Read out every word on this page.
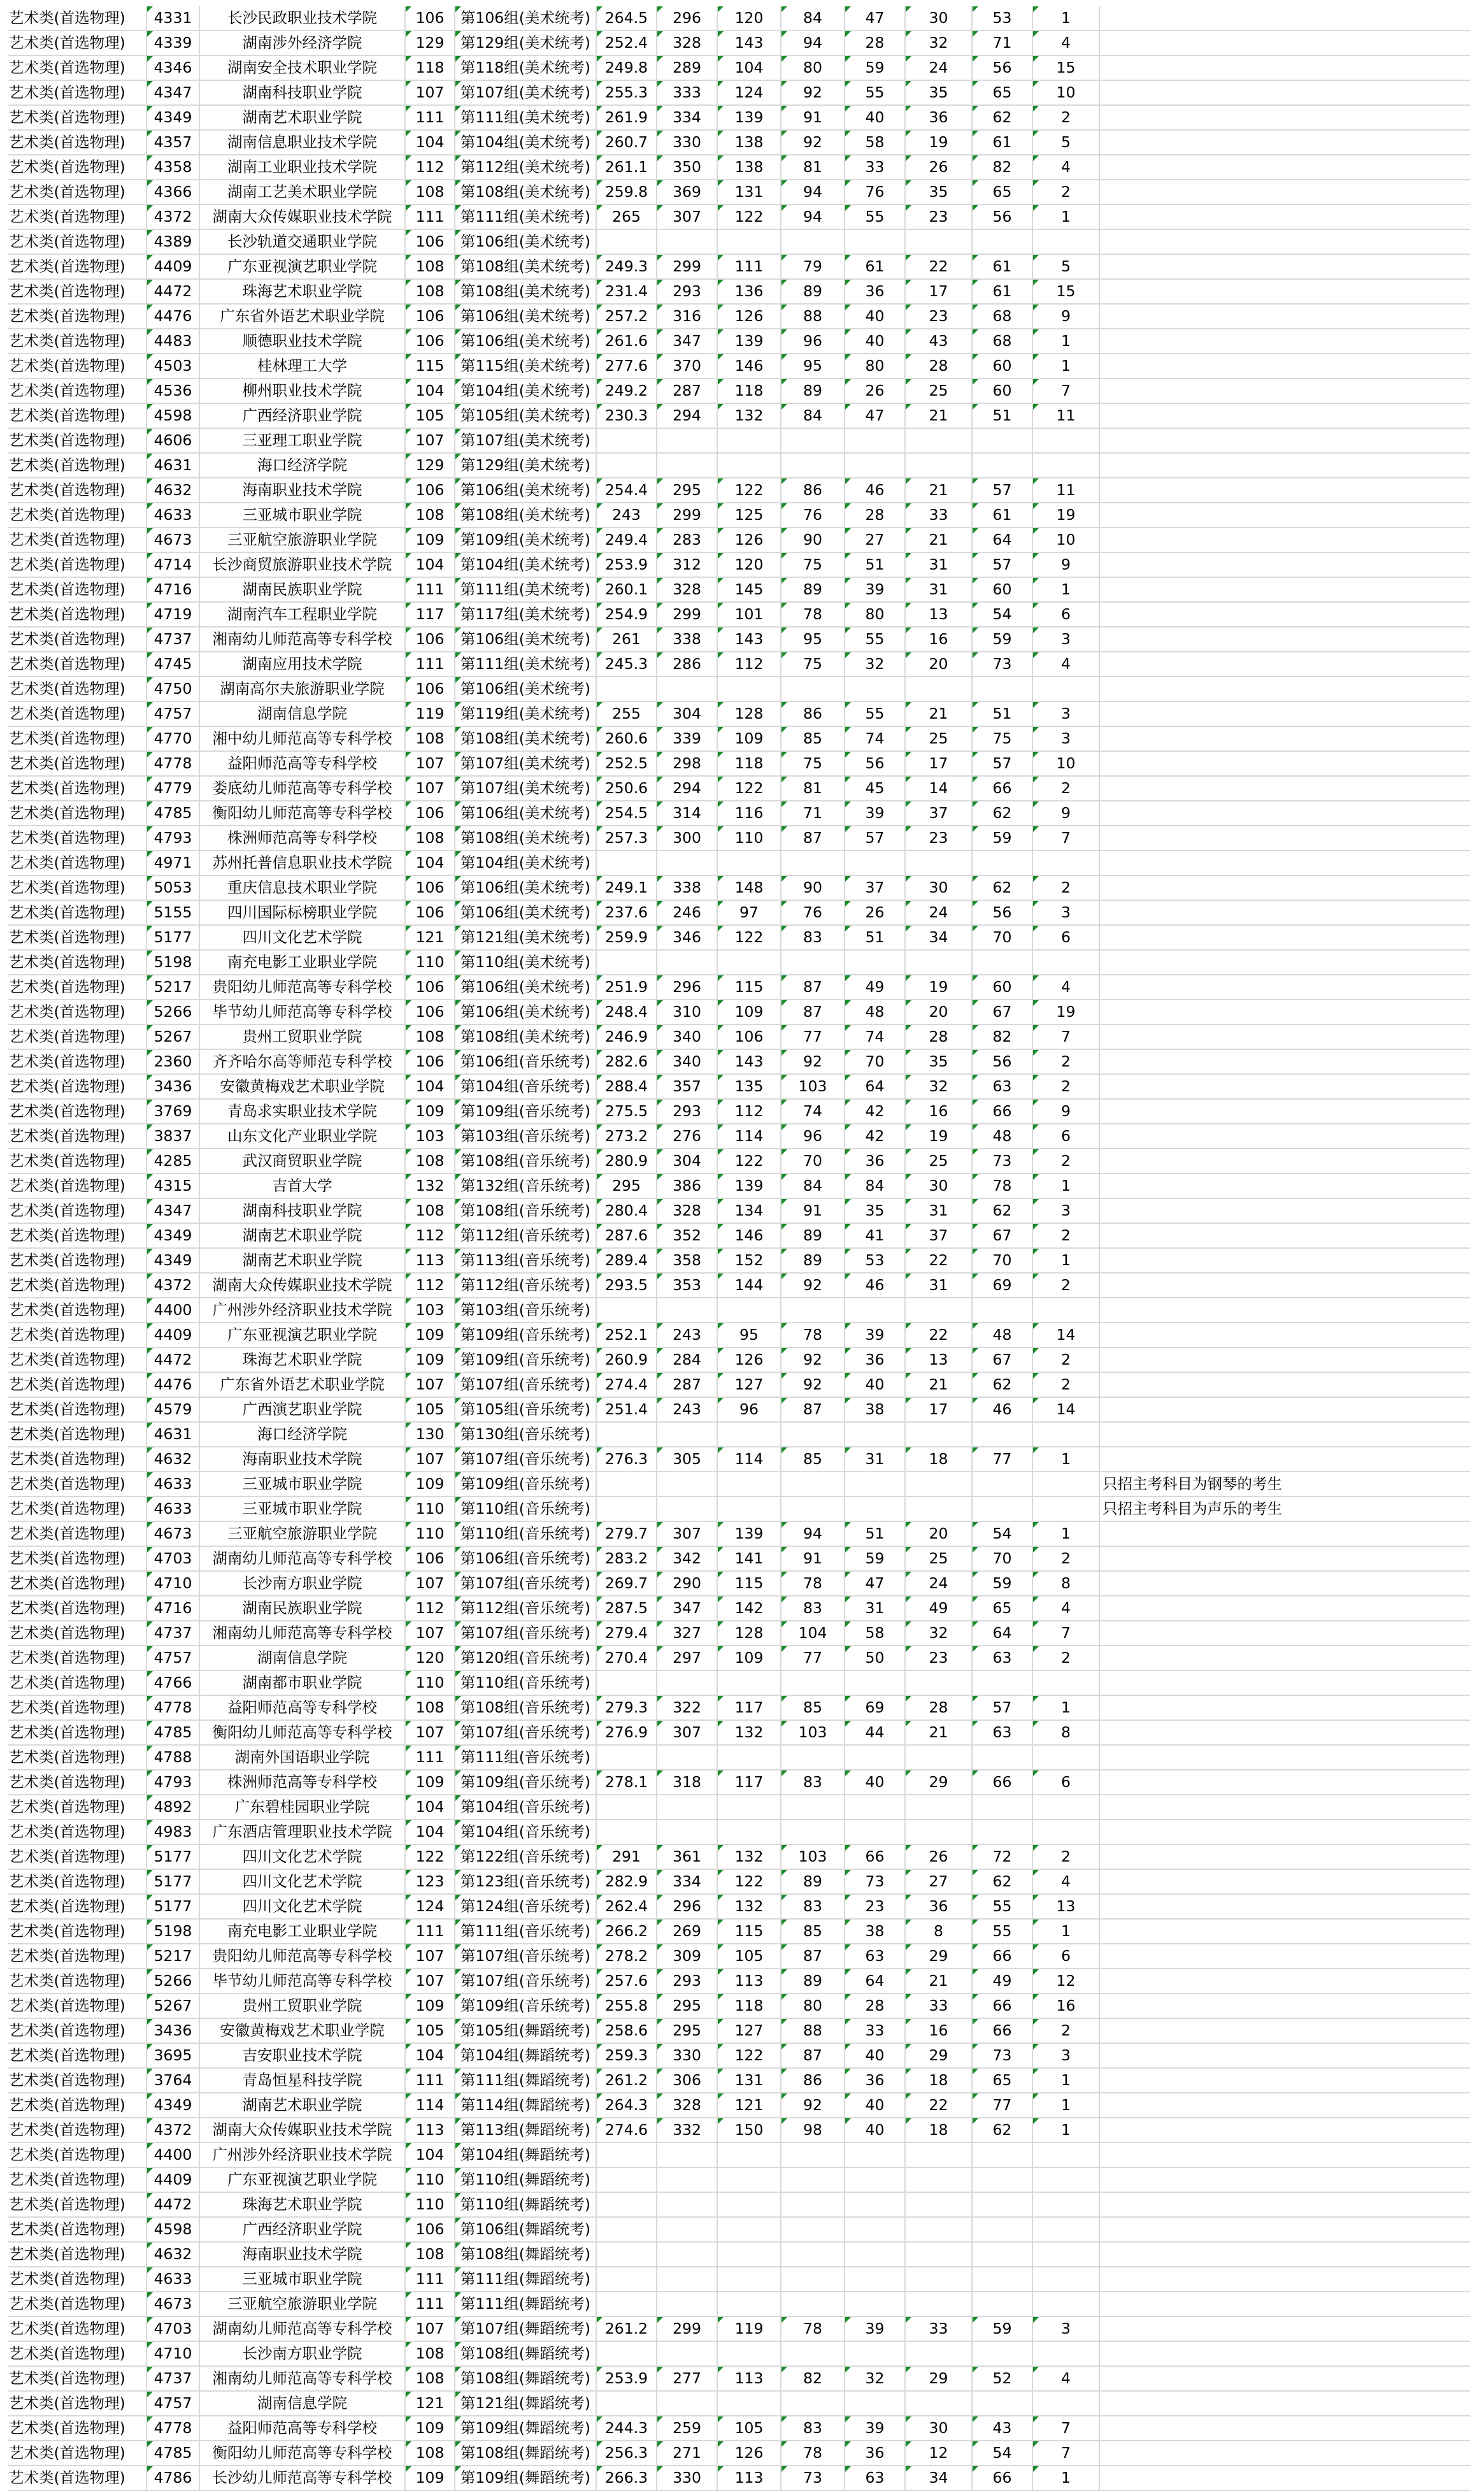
艺术类(首选物理)	4331	长沙民政职业技术学院	106	第106组(美术统考)	264.5	296	120	84	47	30	53	1	
艺术类(首选物理)	4339	湖南涉外经济学院	129	第129组(美术统考)	252.4	328	143	94	28	32	71	4	
艺术类(首选物理)	4346	湖南安全技术职业学院	118	第118组(美术统考)	249.8	289	104	80	59	24	56	15	
艺术类(首选物理)	4347	湖南科技职业学院	107	第107组(美术统考)	255.3	333	124	92	55	35	65	10	
艺术类(首选物理)	4349	湖南艺术职业学院	111	第111组(美术统考)	261.9	334	139	91	40	36	62	2	
艺术类(首选物理)	4357	湖南信息职业技术学院	104	第104组(美术统考)	260.7	330	138	92	58	19	61	5	
艺术类(首选物理)	4358	湖南工业职业技术学院	112	第112组(美术统考)	261.1	350	138	81	33	26	82	4	
艺术类(首选物理)	4366	湖南工艺美术职业学院	108	第108组(美术统考)	259.8	369	131	94	76	35	65	2	
艺术类(首选物理)	4372	湖南大众传媒职业技术学院	111	第111组(美术统考)	265	307	122	94	55	23	56	1	
艺术类(首选物理)	4389	长沙轨道交通职业学院	106	第106组(美术统考)									
艺术类(首选物理)	4409	广东亚视演艺职业学院	108	第108组(美术统考)	249.3	299	111	79	61	22	61	5	
艺术类(首选物理)	4472	珠海艺术职业学院	108	第108组(美术统考)	231.4	293	136	89	36	17	61	15	
艺术类(首选物理)	4476	广东省外语艺术职业学院	106	第106组(美术统考)	257.2	316	126	88	40	23	68	9	
艺术类(首选物理)	4483	顺德职业技术学院	106	第106组(美术统考)	261.6	347	139	96	40	43	68	1	
艺术类(首选物理)	4503	桂林理工大学	115	第115组(美术统考)	277.6	370	146	95	80	28	60	1	
艺术类(首选物理)	4536	柳州职业技术学院	104	第104组(美术统考)	249.2	287	118	89	26	25	60	7	
艺术类(首选物理)	4598	广西经济职业学院	105	第105组(美术统考)	230.3	294	132	84	47	21	51	11	
艺术类(首选物理)	4606	三亚理工职业学院	107	第107组(美术统考)									
艺术类(首选物理)	4631	海口经济学院	129	第129组(美术统考)									
艺术类(首选物理)	4632	海南职业技术学院	106	第106组(美术统考)	254.4	295	122	86	46	21	57	11	
艺术类(首选物理)	4633	三亚城市职业学院	108	第108组(美术统考)	243	299	125	76	28	33	61	19	
艺术类(首选物理)	4673	三亚航空旅游职业学院	109	第109组(美术统考)	249.4	283	126	90	27	21	64	10	
艺术类(首选物理)	4714	长沙商贸旅游职业技术学院	104	第104组(美术统考)	253.9	312	120	75	51	31	57	9	
艺术类(首选物理)	4716	湖南民族职业学院	111	第111组(美术统考)	260.1	328	145	89	39	31	60	1	
艺术类(首选物理)	4719	湖南汽车工程职业学院	117	第117组(美术统考)	254.9	299	101	78	80	13	54	6	
艺术类(首选物理)	4737	湘南幼儿师范高等专科学校	106	第106组(美术统考)	261	338	143	95	55	16	59	3	
艺术类(首选物理)	4745	湖南应用技术学院	111	第111组(美术统考)	245.3	286	112	75	32	20	73	4	
艺术类(首选物理)	4750	湖南高尔夫旅游职业学院	106	第106组(美术统考)									
艺术类(首选物理)	4757	湖南信息学院	119	第119组(美术统考)	255	304	128	86	55	21	51	3	
艺术类(首选物理)	4770	湘中幼儿师范高等专科学校	108	第108组(美术统考)	260.6	339	109	85	74	25	75	3	
艺术类(首选物理)	4778	益阳师范高等专科学校	107	第107组(美术统考)	252.5	298	118	75	56	17	57	10	
艺术类(首选物理)	4779	娄底幼儿师范高等专科学校	107	第107组(美术统考)	250.6	294	122	81	45	14	66	2	
艺术类(首选物理)	4785	衡阳幼儿师范高等专科学校	106	第106组(美术统考)	254.5	314	116	71	39	37	62	9	
艺术类(首选物理)	4793	株洲师范高等专科学校	108	第108组(美术统考)	257.3	300	110	87	57	23	59	7	
艺术类(首选物理)	4971	苏州托普信息职业技术学院	104	第104组(美术统考)									
艺术类(首选物理)	5053	重庆信息技术职业学院	106	第106组(美术统考)	249.1	338	148	90	37	30	62	2	
艺术类(首选物理)	5155	四川国际标榜职业学院	106	第106组(美术统考)	237.6	246	97	76	26	24	56	3	
艺术类(首选物理)	5177	四川文化艺术学院	121	第121组(美术统考)	259.9	346	122	83	51	34	70	6	
艺术类(首选物理)	5198	南充电影工业职业学院	110	第110组(美术统考)									
艺术类(首选物理)	5217	贵阳幼儿师范高等专科学校	106	第106组(美术统考)	251.9	296	115	87	49	19	60	4	
艺术类(首选物理)	5266	毕节幼儿师范高等专科学校	106	第106组(美术统考)	248.4	310	109	87	48	20	67	19	
艺术类(首选物理)	5267	贵州工贸职业学院	108	第108组(美术统考)	246.9	340	106	77	74	28	82	7	
艺术类(首选物理)	2360	齐齐哈尔高等师范专科学校	106	第106组(音乐统考)	282.6	340	143	92	70	35	56	2	
艺术类(首选物理)	3436	安徽黄梅戏艺术职业学院	104	第104组(音乐统考)	288.4	357	135	103	64	32	63	2	
艺术类(首选物理)	3769	青岛求实职业技术学院	109	第109组(音乐统考)	275.5	293	112	74	42	16	66	9	
艺术类(首选物理)	3837	山东文化产业职业学院	103	第103组(音乐统考)	273.2	276	114	96	42	19	48	6	
艺术类(首选物理)	4285	武汉商贸职业学院	108	第108组(音乐统考)	280.9	304	122	70	36	25	73	2	
艺术类(首选物理)	4315	吉首大学	132	第132组(音乐统考)	295	386	139	84	84	30	78	1	
艺术类(首选物理)	4347	湖南科技职业学院	108	第108组(音乐统考)	280.4	328	134	91	35	31	62	3	
艺术类(首选物理)	4349	湖南艺术职业学院	112	第112组(音乐统考)	287.6	352	146	89	41	37	67	2	
艺术类(首选物理)	4349	湖南艺术职业学院	113	第113组(音乐统考)	289.4	358	152	89	53	22	70	1	
艺术类(首选物理)	4372	湖南大众传媒职业技术学院	112	第112组(音乐统考)	293.5	353	144	92	46	31	69	2	
艺术类(首选物理)	4400	广州涉外经济职业技术学院	103	第103组(音乐统考)									
艺术类(首选物理)	4409	广东亚视演艺职业学院	109	第109组(音乐统考)	252.1	243	95	78	39	22	48	14	
艺术类(首选物理)	4472	珠海艺术职业学院	109	第109组(音乐统考)	260.9	284	126	92	36	13	67	2	
艺术类(首选物理)	4476	广东省外语艺术职业学院	107	第107组(音乐统考)	274.4	287	127	92	40	21	62	2	
艺术类(首选物理)	4579	广西演艺职业学院	105	第105组(音乐统考)	251.4	243	96	87	38	17	46	14	
艺术类(首选物理)	4631	海口经济学院	130	第130组(音乐统考)									
艺术类(首选物理)	4632	海南职业技术学院	107	第107组(音乐统考)	276.3	305	114	85	31	18	77	1	
艺术类(首选物理)	4633	三亚城市职业学院	109	第109组(音乐统考)									只招主考科目为钢琴的考生
艺术类(首选物理)	4633	三亚城市职业学院	110	第110组(音乐统考)									只招主考科目为声乐的考生
艺术类(首选物理)	4673	三亚航空旅游职业学院	110	第110组(音乐统考)	279.7	307	139	94	51	20	54	1	
艺术类(首选物理)	4703	湖南幼儿师范高等专科学校	106	第106组(音乐统考)	283.2	342	141	91	59	25	70	2	
艺术类(首选物理)	4710	长沙南方职业学院	107	第107组(音乐统考)	269.7	290	115	78	47	24	59	8	
艺术类(首选物理)	4716	湖南民族职业学院	112	第112组(音乐统考)	287.5	347	142	83	31	49	65	4	
艺术类(首选物理)	4737	湘南幼儿师范高等专科学校	107	第107组(音乐统考)	279.4	327	128	104	58	32	64	7	
艺术类(首选物理)	4757	湖南信息学院	120	第120组(音乐统考)	270.4	297	109	77	50	23	63	2	
艺术类(首选物理)	4766	湖南都市职业学院	110	第110组(音乐统考)									
艺术类(首选物理)	4778	益阳师范高等专科学校	108	第108组(音乐统考)	279.3	322	117	85	69	28	57	1	
艺术类(首选物理)	4785	衡阳幼儿师范高等专科学校	107	第107组(音乐统考)	276.9	307	132	103	44	21	63	8	
艺术类(首选物理)	4788	湖南外国语职业学院	111	第111组(音乐统考)									
艺术类(首选物理)	4793	株洲师范高等专科学校	109	第109组(音乐统考)	278.1	318	117	83	40	29	66	6	
艺术类(首选物理)	4892	广东碧桂园职业学院	104	第104组(音乐统考)									
艺术类(首选物理)	4983	广东酒店管理职业技术学院	104	第104组(音乐统考)									
艺术类(首选物理)	5177	四川文化艺术学院	122	第122组(音乐统考)	291	361	132	103	66	26	72	2	
艺术类(首选物理)	5177	四川文化艺术学院	123	第123组(音乐统考)	282.9	334	122	89	73	27	62	4	
艺术类(首选物理)	5177	四川文化艺术学院	124	第124组(音乐统考)	262.4	296	132	83	23	36	55	13	
艺术类(首选物理)	5198	南充电影工业职业学院	111	第111组(音乐统考)	266.2	269	115	85	38	8	55	1	
艺术类(首选物理)	5217	贵阳幼儿师范高等专科学校	107	第107组(音乐统考)	278.2	309	105	87	63	29	66	6	
艺术类(首选物理)	5266	毕节幼儿师范高等专科学校	107	第107组(音乐统考)	257.6	293	113	89	64	21	49	12	
艺术类(首选物理)	5267	贵州工贸职业学院	109	第109组(音乐统考)	255.8	295	118	80	28	33	66	16	
艺术类(首选物理)	3436	安徽黄梅戏艺术职业学院	105	第105组(舞蹈统考)	258.6	295	127	88	33	16	66	2	
艺术类(首选物理)	3695	吉安职业技术学院	104	第104组(舞蹈统考)	259.3	330	122	87	40	29	73	3	
艺术类(首选物理)	3764	青岛恒星科技学院	111	第111组(舞蹈统考)	261.2	306	131	86	36	18	65	1	
艺术类(首选物理)	4349	湖南艺术职业学院	114	第114组(舞蹈统考)	264.3	328	121	92	40	22	77	1	
艺术类(首选物理)	4372	湖南大众传媒职业技术学院	113	第113组(舞蹈统考)	274.6	332	150	98	40	18	62	1	
艺术类(首选物理)	4400	广州涉外经济职业技术学院	104	第104组(舞蹈统考)									
艺术类(首选物理)	4409	广东亚视演艺职业学院	110	第110组(舞蹈统考)									
艺术类(首选物理)	4472	珠海艺术职业学院	110	第110组(舞蹈统考)									
艺术类(首选物理)	4598	广西经济职业学院	106	第106组(舞蹈统考)									
艺术类(首选物理)	4632	海南职业技术学院	108	第108组(舞蹈统考)									
艺术类(首选物理)	4633	三亚城市职业学院	111	第111组(舞蹈统考)									
艺术类(首选物理)	4673	三亚航空旅游职业学院	111	第111组(舞蹈统考)									
艺术类(首选物理)	4703	湖南幼儿师范高等专科学校	107	第107组(舞蹈统考)	261.2	299	119	78	39	33	59	3	
艺术类(首选物理)	4710	长沙南方职业学院	108	第108组(舞蹈统考)									
艺术类(首选物理)	4737	湘南幼儿师范高等专科学校	108	第108组(舞蹈统考)	253.9	277	113	82	32	29	52	4	
艺术类(首选物理)	4757	湖南信息学院	121	第121组(舞蹈统考)									
艺术类(首选物理)	4778	益阳师范高等专科学校	109	第109组(舞蹈统考)	244.3	259	105	83	39	30	43	7	
艺术类(首选物理)	4785	衡阳幼儿师范高等专科学校	108	第108组(舞蹈统考)	256.3	271	126	78	36	12	54	7	
艺术类(首选物理)	4786	长沙幼儿师范高等专科学校	109	第109组(舞蹈统考)	266.3	330	113	73	63	34	66	1	
